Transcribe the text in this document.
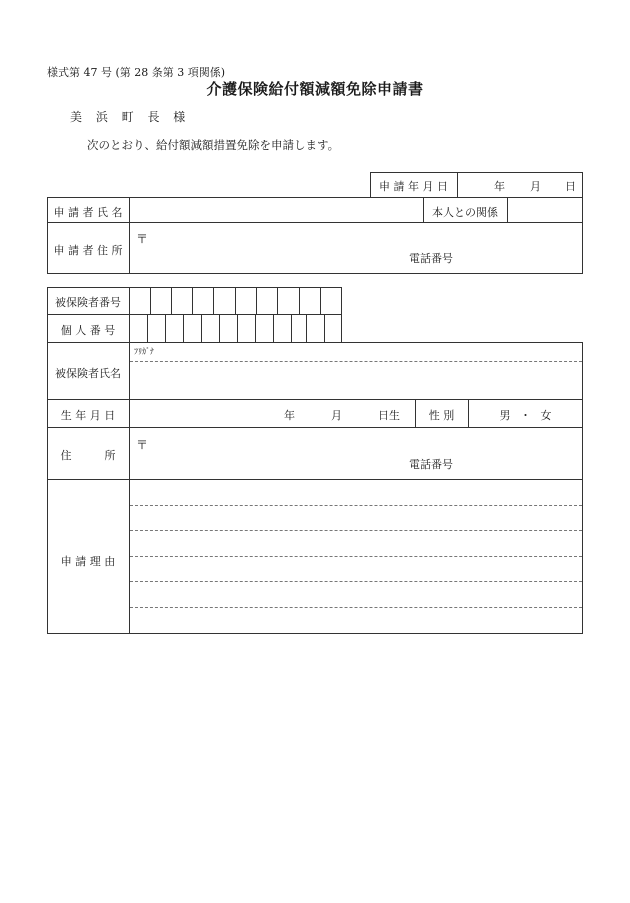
様式第 47 号 (第 28 条第 3 項関係)
介護保険給付額減額免除申請書
美 浜 町 長 様
次のとおり、給付額減額措置免除を申請します。
申 請 年 月 日	年 月 日
申 請 者 氏 名	本人との関係
申 請 者 住 所
〒
電話番号
被保険者番号
個 人 番 号
ﾌﾘｶﾞﾅ
被保険者氏名
生 年 月 日	年	月	日生	性 別	男 ・ 女
住　　　所
〒
電話番号
申 請 理 由
